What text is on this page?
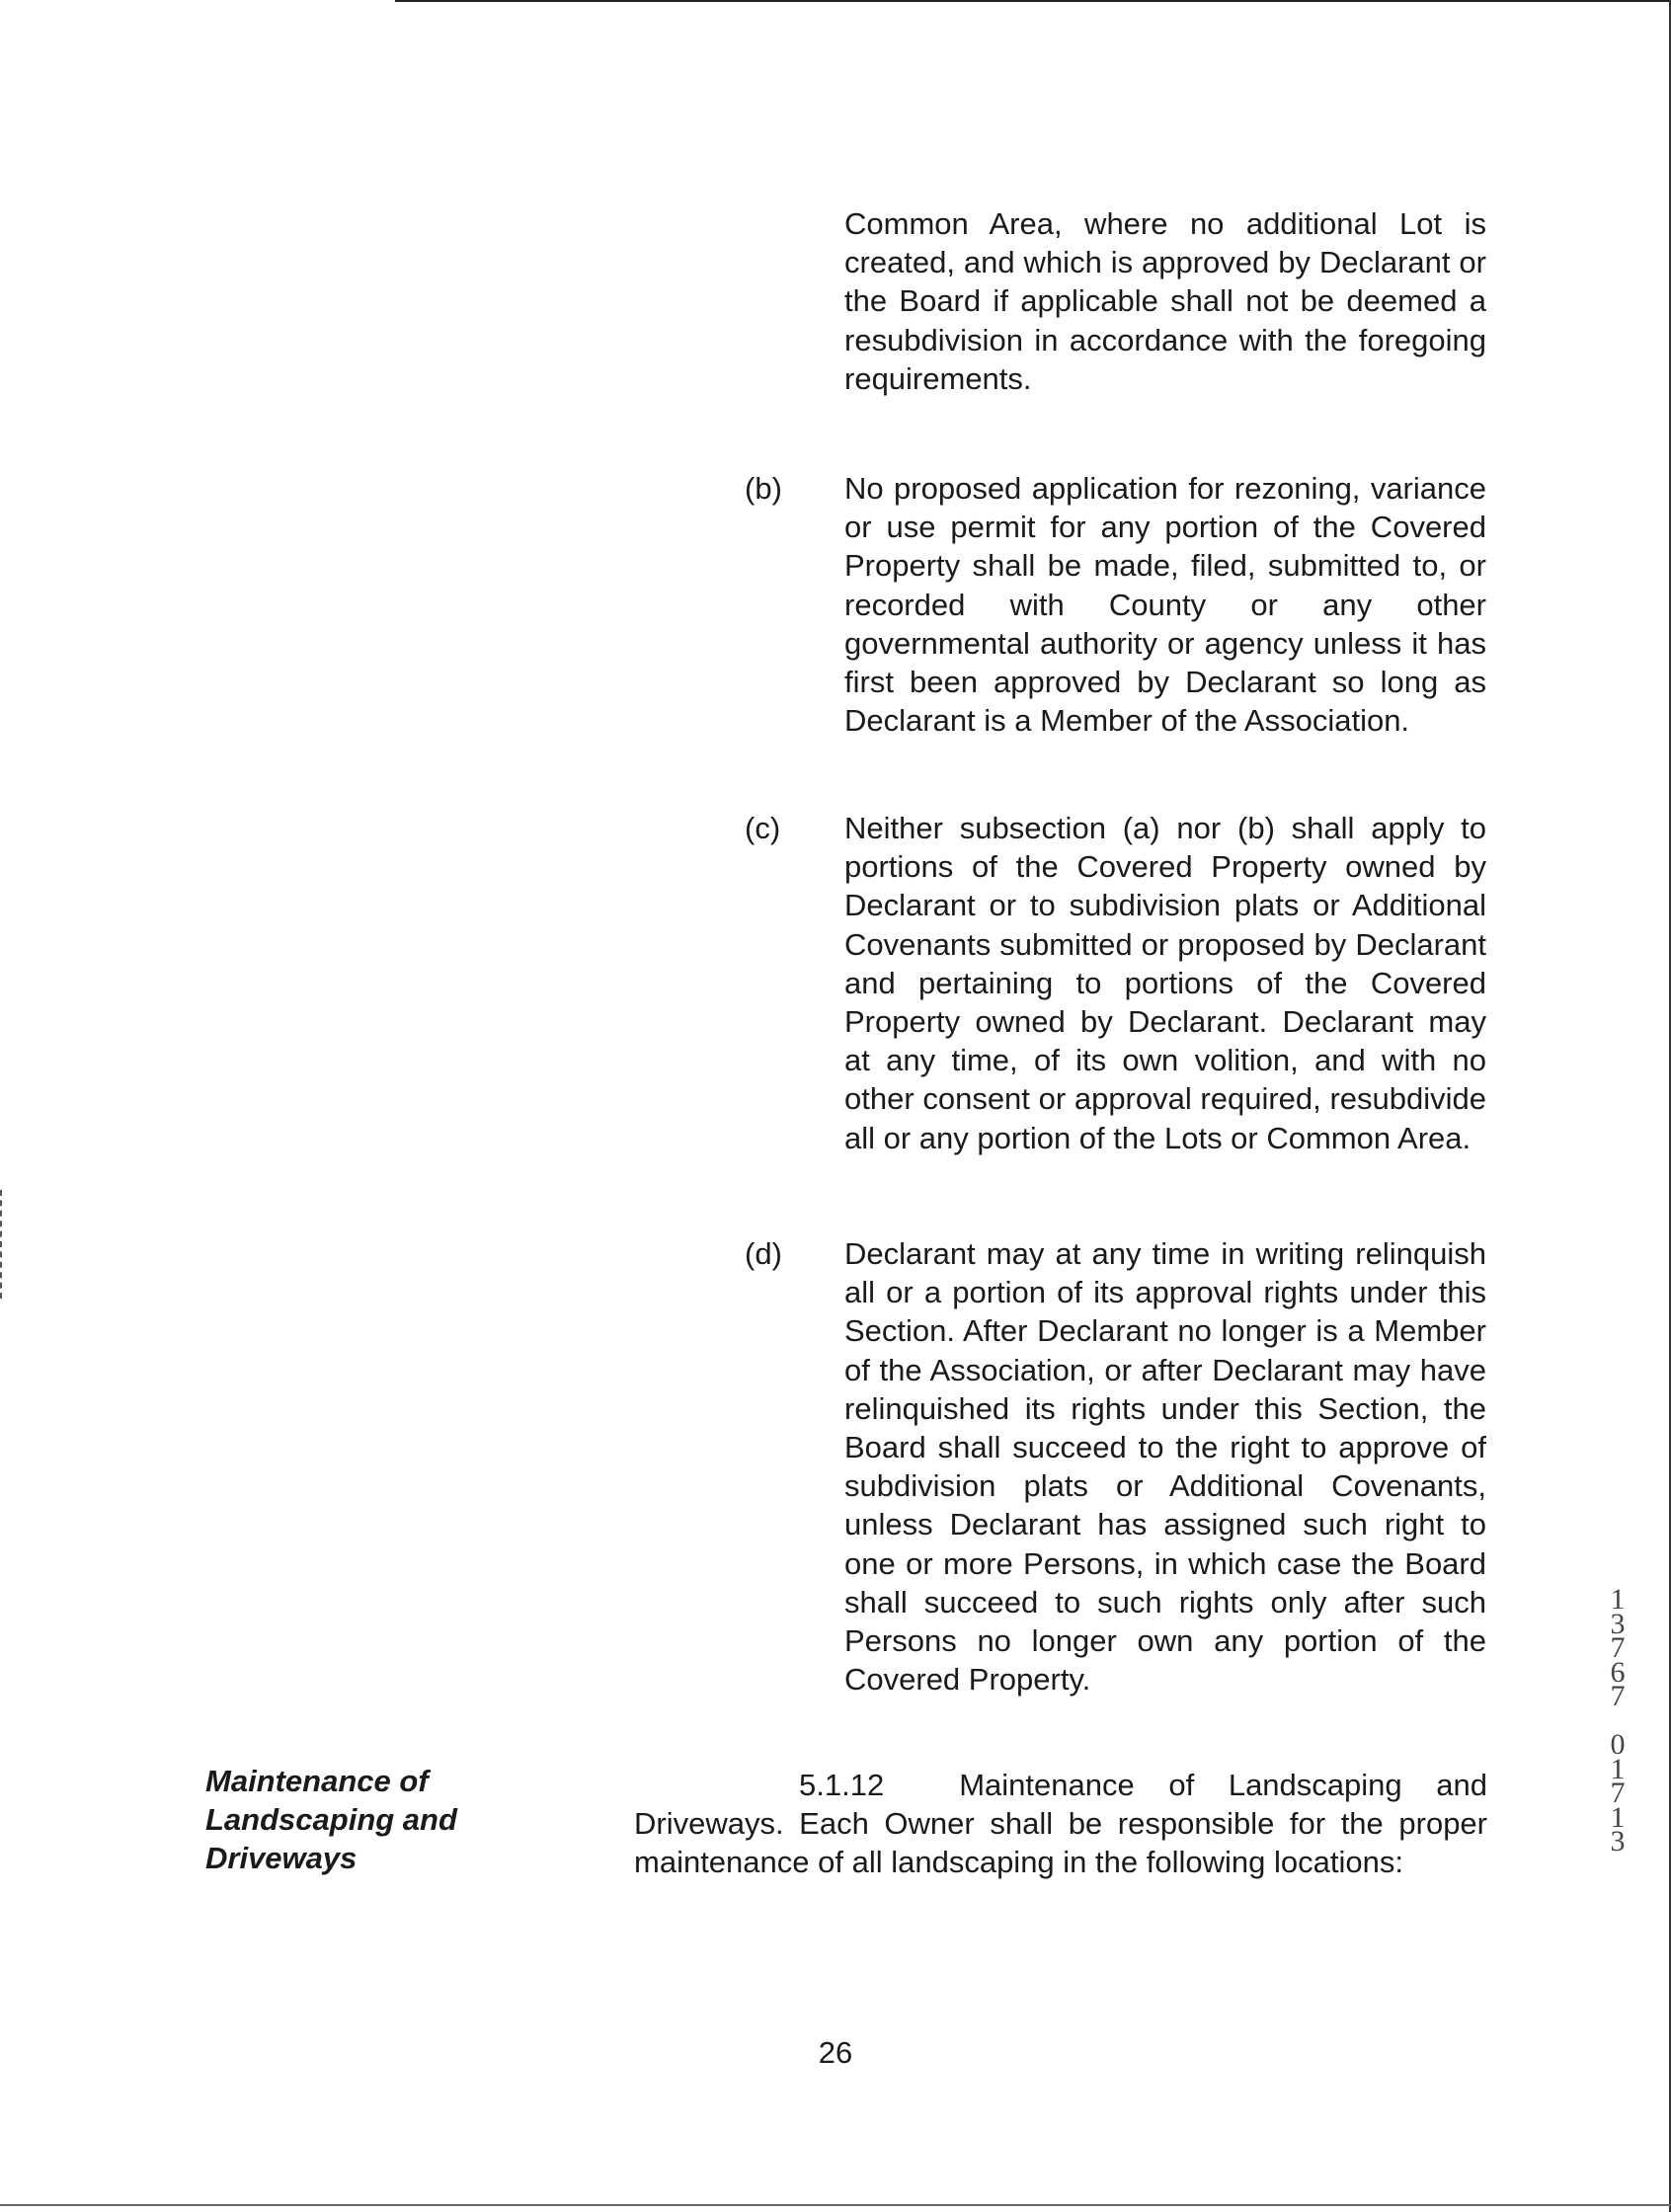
Common Area, where no additional Lot is created, and which is approved by Declarant or the Board if applicable shall not be deemed a resubdivision in accordance with the foregoing requirements.
(b) No proposed application for rezoning, variance or use permit for any portion of the Covered Property shall be made, filed, submitted to, or recorded with County or any other governmental authority or agency unless it has first been approved by Declarant so long as Declarant is a Member of the Association.
(c) Neither subsection (a) nor (b) shall apply to portions of the Covered Property owned by Declarant or to subdivision plats or Additional Covenants submitted or proposed by Declarant and pertaining to portions of the Covered Property owned by Declarant. Declarant may at any time, of its own volition, and with no other consent or approval required, resubdivide all or any portion of the Lots or Common Area.
(d) Declarant may at any time in writing relinquish all or a portion of its approval rights under this Section. After Declarant no longer is a Member of the Association, or after Declarant may have relinquished its rights under this Section, the Board shall succeed to the right to approve of subdivision plats or Additional Covenants, unless Declarant has assigned such right to one or more Persons, in which case the Board shall succeed to such rights only after such Persons no longer own any portion of the Covered Property.
Maintenance of Landscaping and Driveways
5.1.12 Maintenance of Landscaping and Driveways. Each Owner shall be responsible for the proper maintenance of all landscaping in the following locations:
26
1
3
7
6
7
0
1
7
1
3
